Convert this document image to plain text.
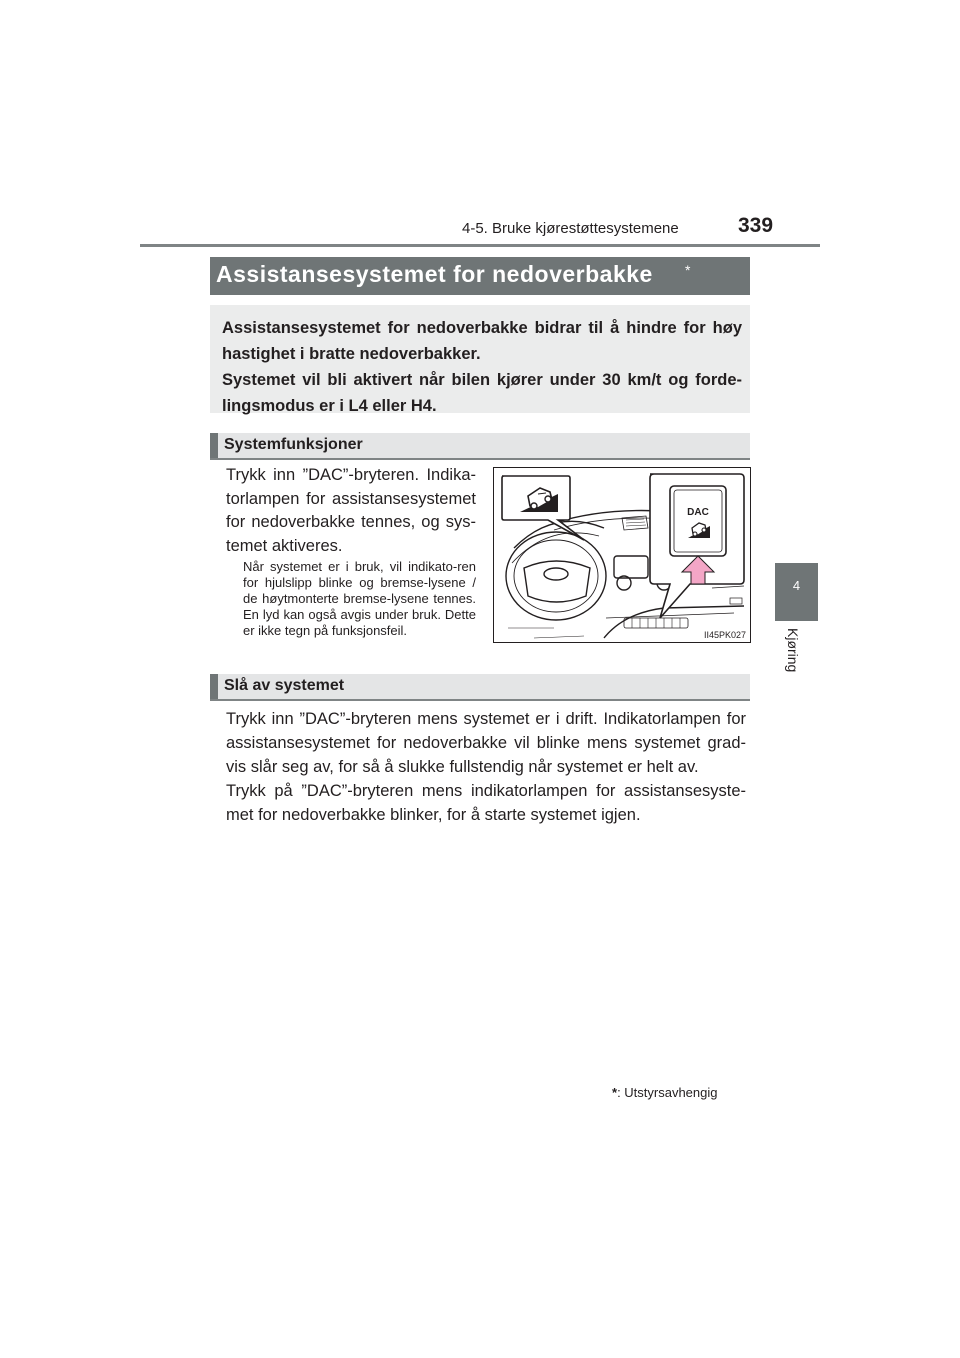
4-5. Bruke kjørestøttesystemene	339
4
Kjøring
Assistansesystemet for nedoverbakke *
Assistansesystemet for nedoverbakke bidrar til å hindre for høy hastighet i bratte nedoverbakker.
Systemet vil bli aktivert når bilen kjører under 30 km/t og forde-lingsmodus er i L4 eller H4.
Systemfunksjoner
Trykk inn ”DAC”-bryteren. Indika-torlampen for assistansesystemet for nedoverbakke tennes, og sys-temet aktiveres.
Når systemet er i bruk, vil indikato-ren for hjulslipp blinke og bremse-lysene / de høytmonterte bremse-lysene tennes. En lyd kan også avgis under bruk. Dette er ikke tegn på funksjonsfeil.
DAC
II45PK027
Slå av systemet
Trykk inn ”DAC”-bryteren mens systemet er i drift. Indikatorlampen for assistansesystemet for nedoverbakke vil blinke mens systemet grad-vis slår seg av, for så å slukke fullstendig når systemet er helt av.
Trykk på ”DAC”-bryteren mens indikatorlampen for assistansesyste-met for nedoverbakke blinker, for å starte systemet igjen.
*: Utstyrsavhengig
